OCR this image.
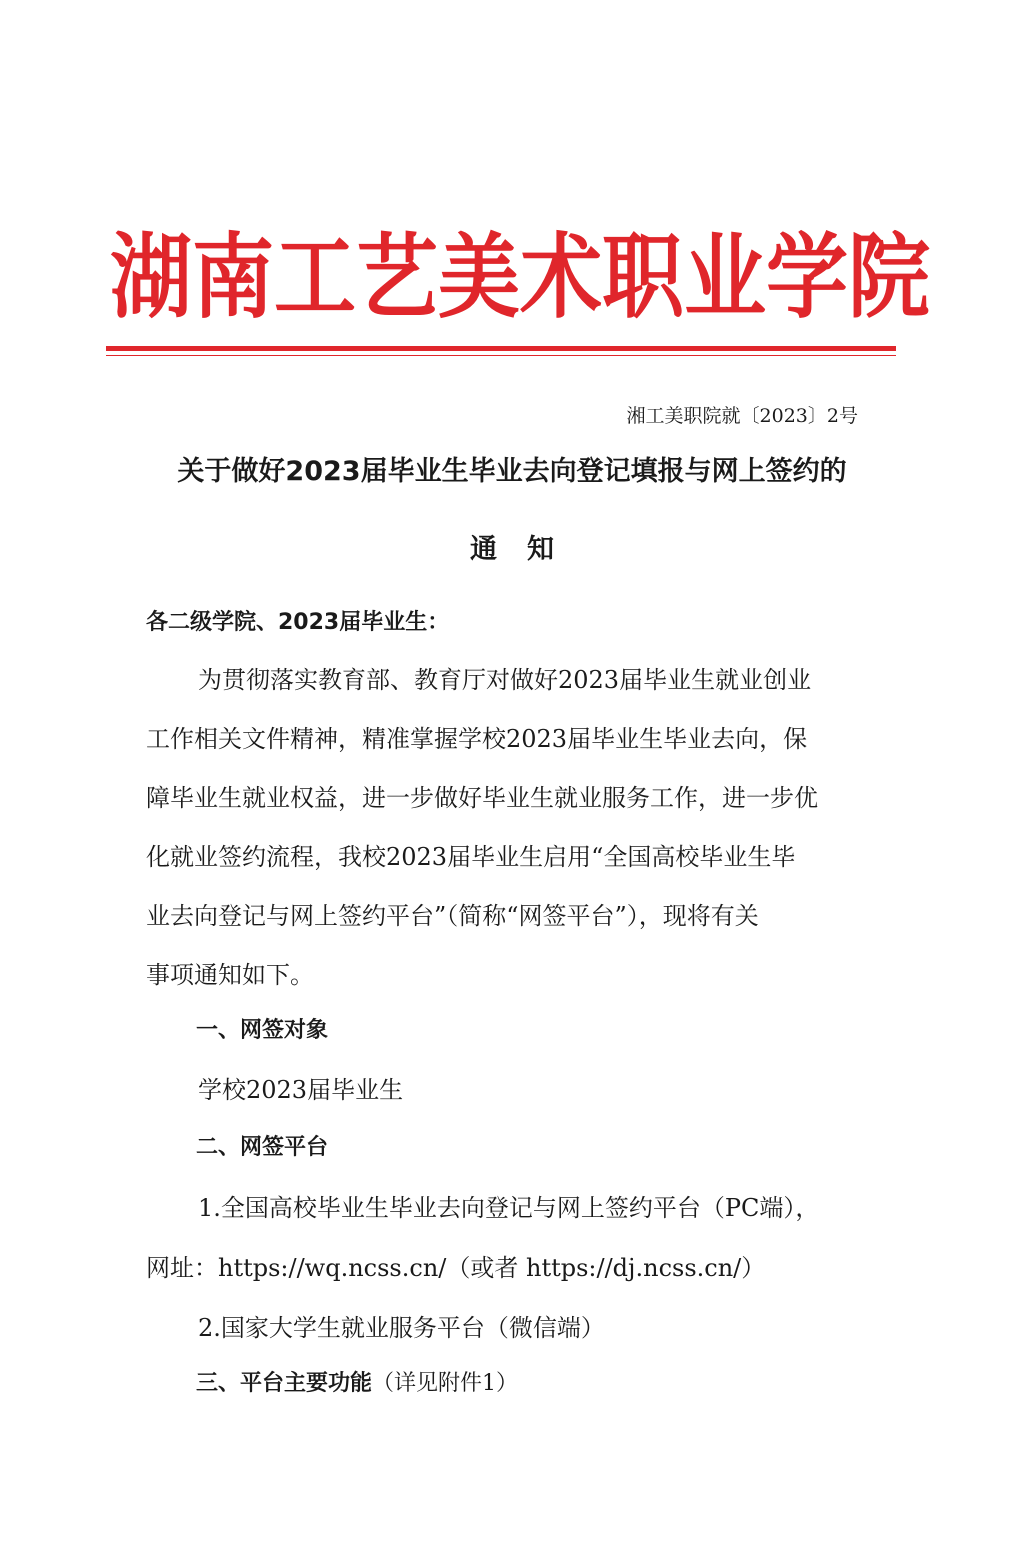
湖南工艺美术职业学院
湘工美职院就〔2023〕2号
关于做好2023届毕业生毕业去向登记填报与网上签约的
通知
各二级学院、2023届毕业生：
为贯彻落实教育部、教育厅对做好2023届毕业生就业创业
工作相关文件精神，精准掌握学校2023届毕业生毕业去向，保
障毕业生就业权益，进一步做好毕业生就业服务工作，进一步优
化就业签约流程，我校2023届毕业生启用“全国高校毕业生毕
业去向登记与网上签约平台”（简称“网签平台”），现将有关
事项通知如下。
一、网签对象
学校2023届毕业生
二、网签平台
1.全国高校毕业生毕业去向登记与网上签约平台（PC端），
网址：https://wq.ncss.cn/（或者 https://dj.ncss.cn/）
2.国家大学生就业服务平台（微信端）
三、平台主要功能（详见附件1）
